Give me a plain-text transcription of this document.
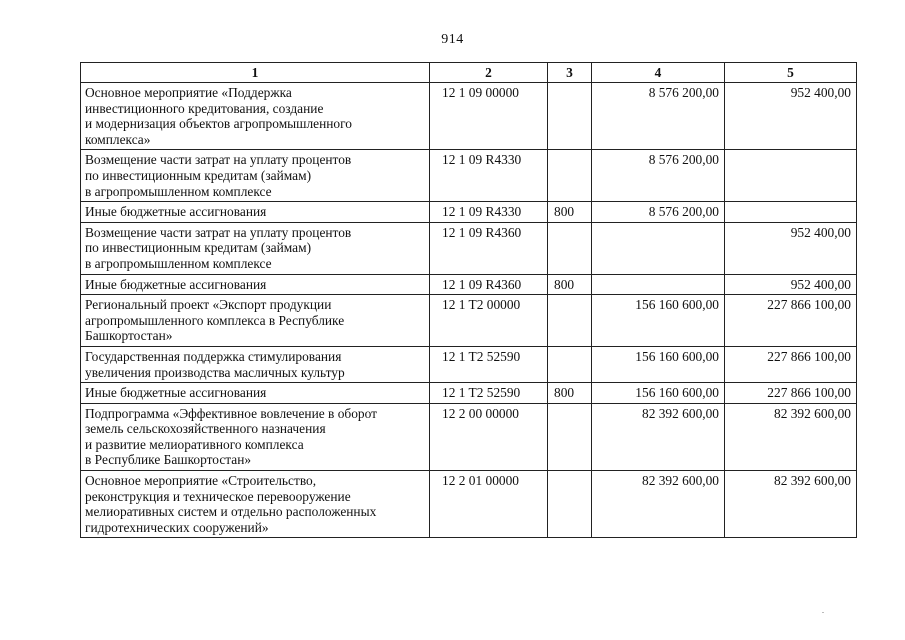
914
1	2	3	4	5
Основное мероприятие «Поддержка
инвестиционного кредитования, создание
и модернизация объектов агропромышленного
комплекса»	12 1 09 00000		8 576 200,00	952 400,00
Возмещение части затрат на уплату процентов
по инвестиционным кредитам (займам)
в агропромышленном комплексе	12 1 09 R4330		8 576 200,00	
Иные бюджетные ассигнования	12 1 09 R4330	800	8 576 200,00	
Возмещение части затрат на уплату процентов
по инвестиционным кредитам (займам)
в агропромышленном комплексе	12 1 09 R4360			952 400,00
Иные бюджетные ассигнования	12 1 09 R4360	800		952 400,00
Региональный проект «Экспорт продукции
агропромышленного комплекса в Республике
Башкортостан»	12 1 T2 00000		156 160 600,00	227 866 100,00
Государственная поддержка стимулирования
увеличения производства масличных культур	12 1 T2 52590		156 160 600,00	227 866 100,00
Иные бюджетные ассигнования	12 1 T2 52590	800	156 160 600,00	227 866 100,00
Подпрограмма «Эффективное вовлечение в оборот
земель сельскохозяйственного назначения
и развитие мелиоративного комплекса
в Республике Башкортостан»	12 2 00 00000		82 392 600,00	82 392 600,00
Основное мероприятие «Строительство,
реконструкция и техническое перевооружение
мелиоративных систем и отдельно расположенных
гидротехнических сооружений»	12 2 01 00000		82 392 600,00	82 392 600,00
